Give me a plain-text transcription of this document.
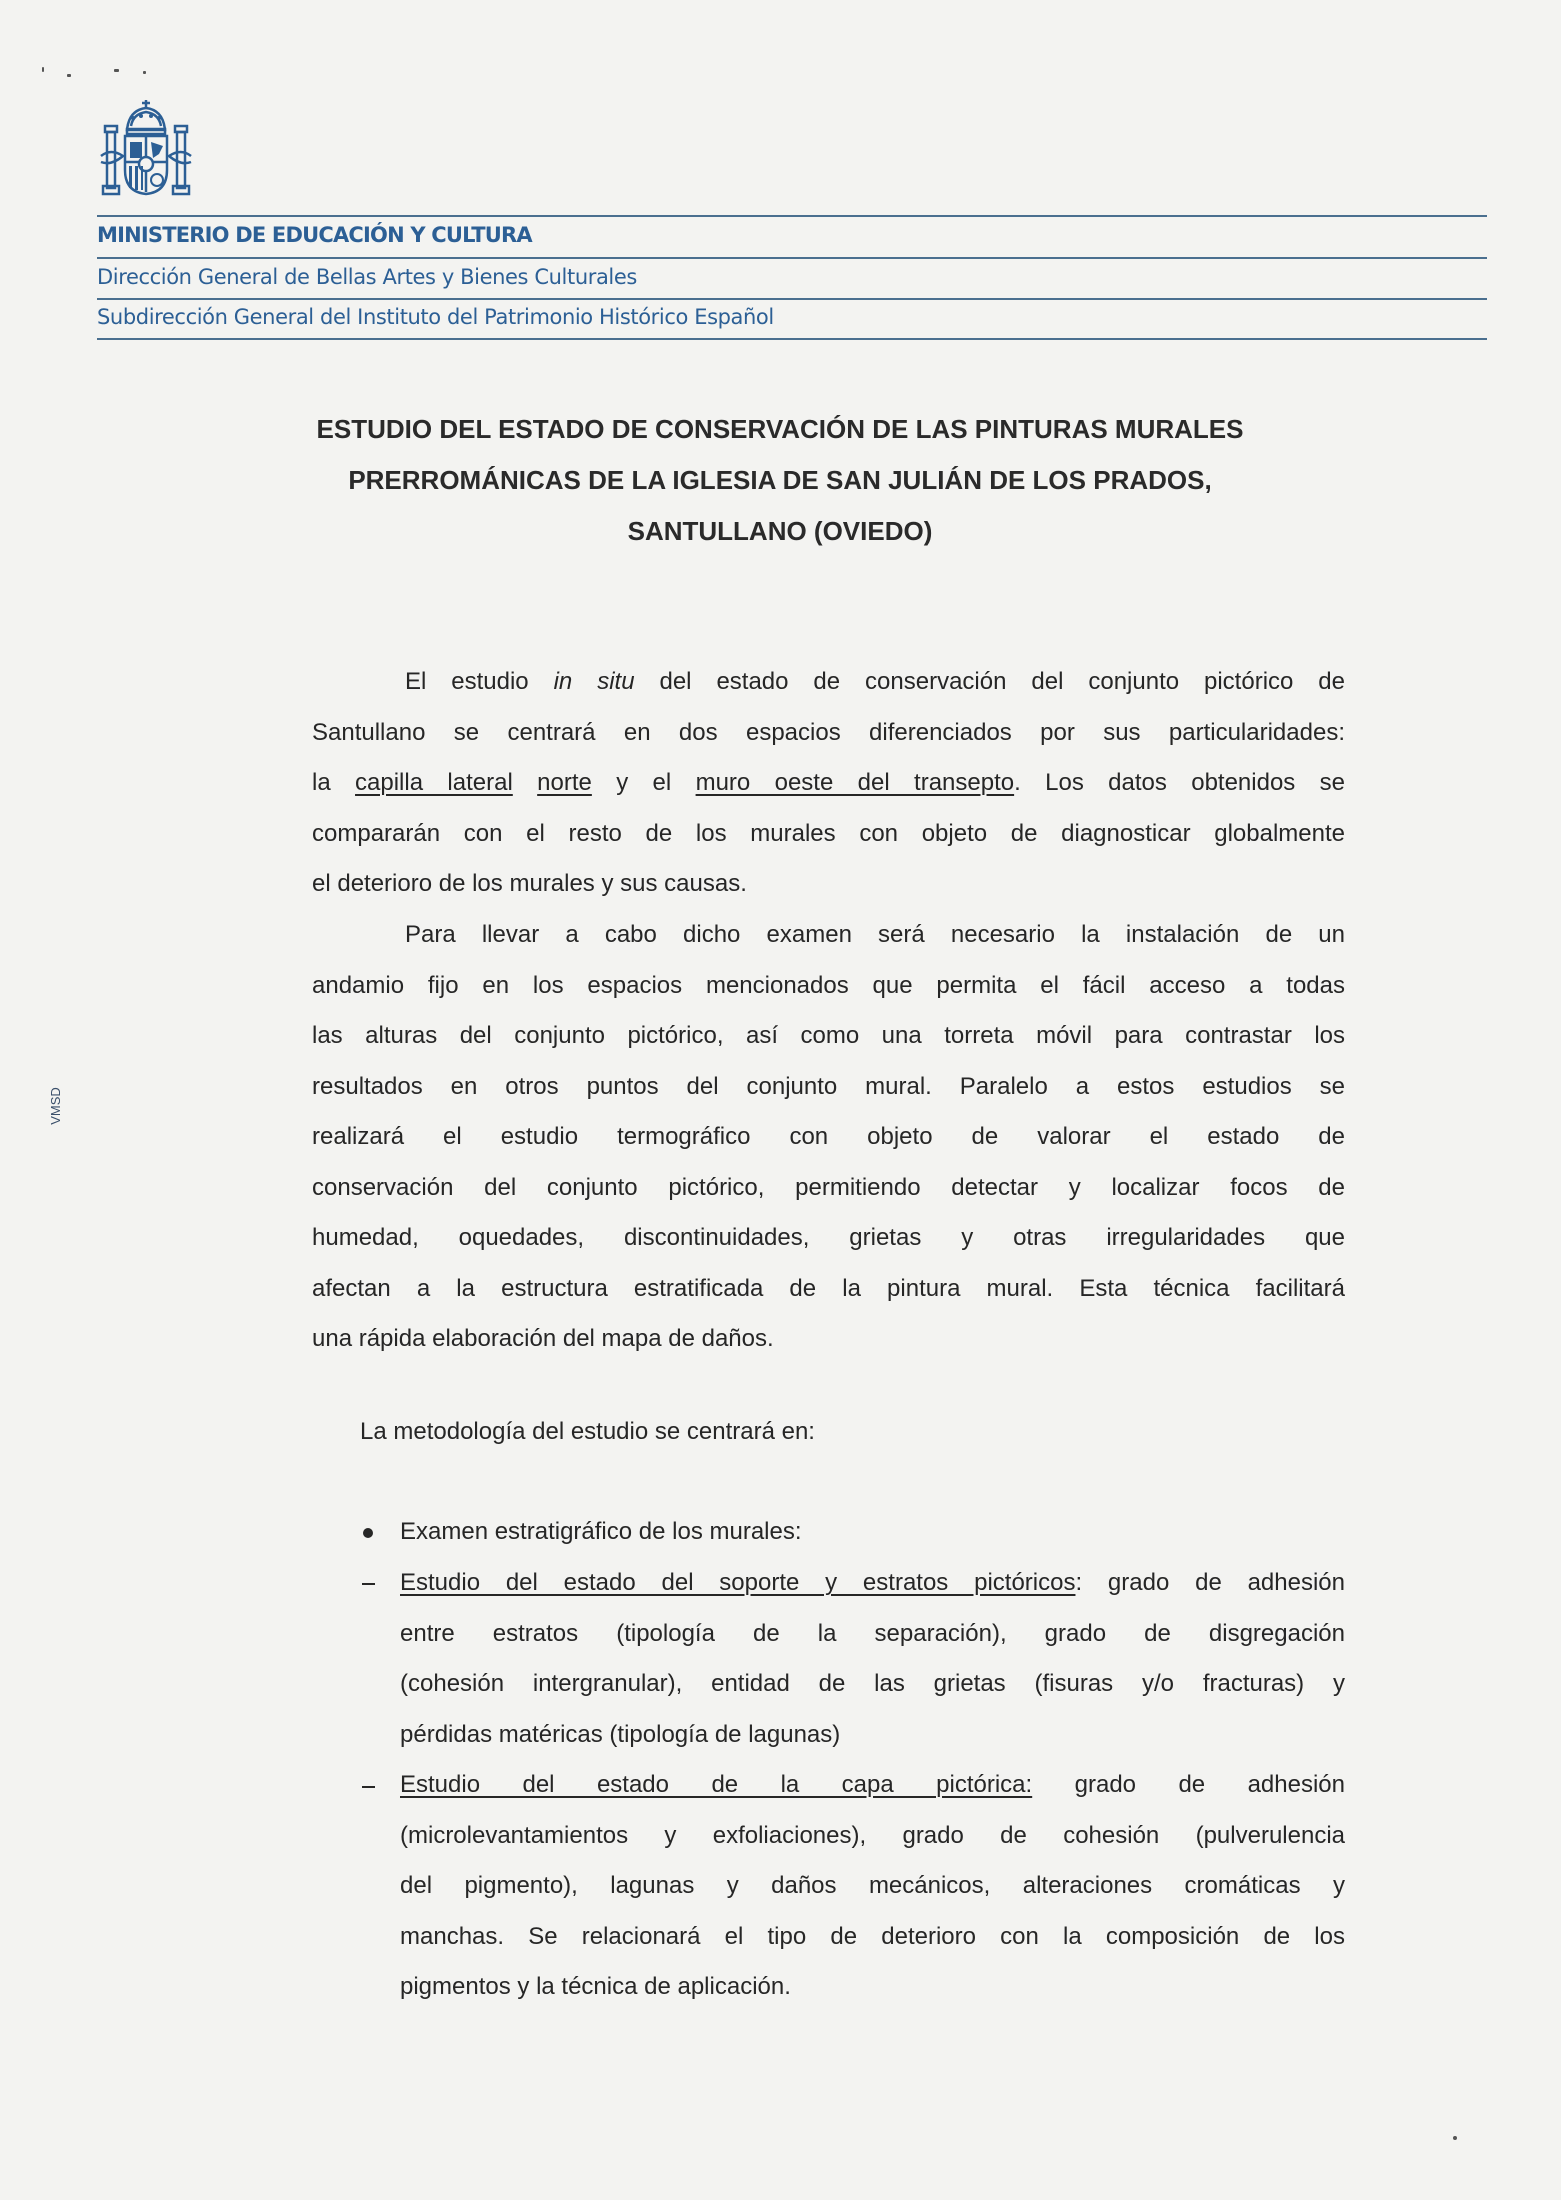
MINISTERIO DE EDUCACIÓN Y CULTURA
Dirección General de Bellas Artes y Bienes Culturales
Subdirección General del Instituto del Patrimonio Histórico Español
VMSD
ESTUDIO DEL ESTADO DE CONSERVACIÓN DE LAS PINTURAS MURALES
PRERROMÁNICAS DE LA IGLESIA DE SAN JULIÁN DE LOS PRADOS,
SANTULLANO (OVIEDO)
El estudio in situ del estado de conservación del conjunto pictórico de
Santullano se centrará en dos espacios diferenciados por sus particularidades:
la capilla lateral norte y el muro oeste del transepto. Los datos obtenidos se
compararán con el resto de los murales con objeto de diagnosticar globalmente
el deterioro de los murales y sus causas.
Para llevar a cabo dicho examen será necesario la instalación de un
andamio fijo en los espacios mencionados que permita el fácil acceso a todas
las alturas del conjunto pictórico, así como una torreta móvil para contrastar los
resultados en otros puntos del conjunto mural. Paralelo a estos estudios se
realizará el estudio termográfico con objeto de valorar el estado de
conservación del conjunto pictórico, permitiendo detectar y localizar focos de
humedad, oquedades, discontinuidades, grietas y otras irregularidades que
afectan a la estructura estratificada de la pintura mural. Esta técnica facilitará
una rápida elaboración del mapa de daños.
La metodología del estudio se centrará en:
Examen estratigráfico de los murales:
Estudio del estado del soporte y estratos pictóricos: grado de adhesión
entre estratos (tipología de la separación), grado de disgregación
(cohesión intergranular), entidad de las grietas (fisuras y/o fracturas) y
pérdidas matéricas (tipología de lagunas)
Estudio del estado de la capa pictórica: grado de adhesión
(microlevantamientos y exfoliaciones), grado de cohesión (pulverulencia
del pigmento), lagunas y daños mecánicos, alteraciones cromáticas y
manchas. Se relacionará el tipo de deterioro con la composición de los
pigmentos y la técnica de aplicación.
